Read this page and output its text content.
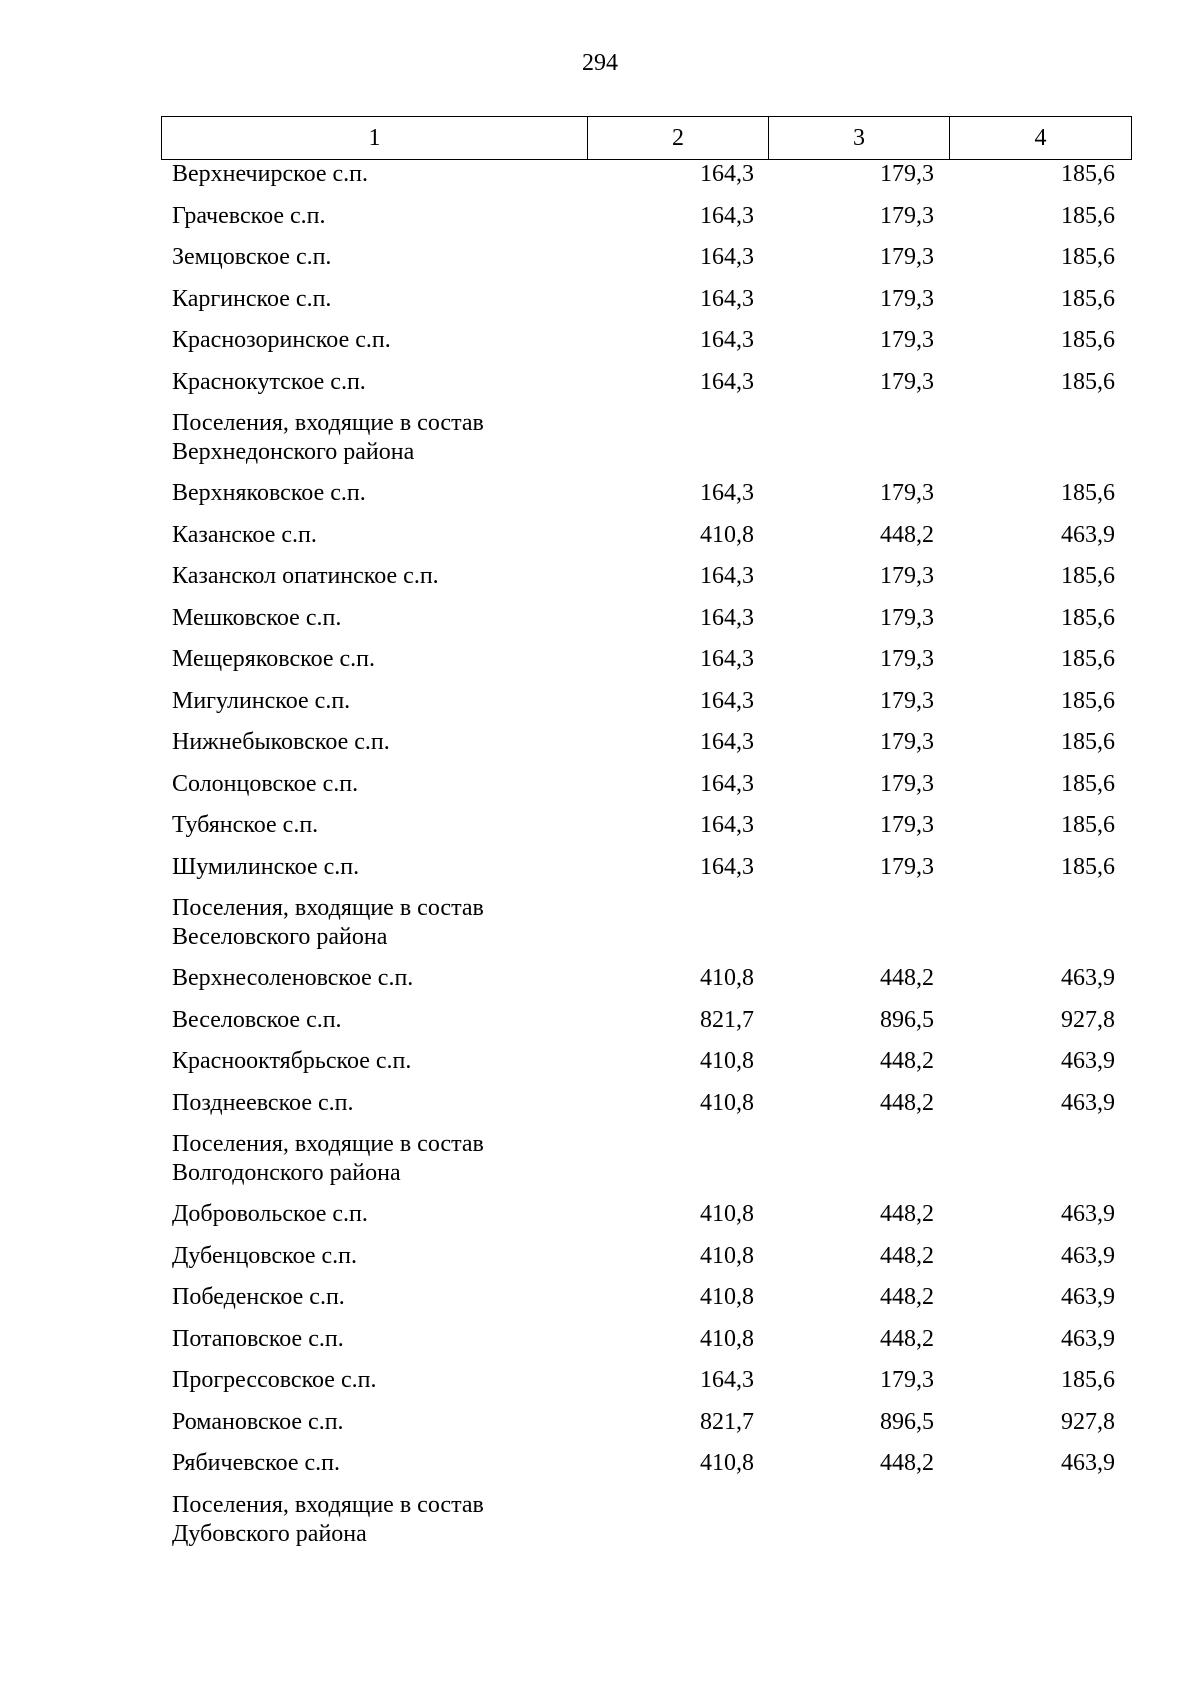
294
1	2	3	4
Верхнечирское с.п.	164,3	179,3	185,6
Грачевское с.п.	164,3	179,3	185,6
Земцовское с.п.	164,3	179,3	185,6
Каргинское с.п.	164,3	179,3	185,6
Краснозоринское с.п.	164,3	179,3	185,6
Краснокутское с.п.	164,3	179,3	185,6
Поселения, входящие в состав
Верхнедонского района
Верхняковское с.п.	164,3	179,3	185,6
Казанское с.п.	410,8	448,2	463,9
Казанскол опатинское с.п.	164,3	179,3	185,6
Мешковское с.п.	164,3	179,3	185,6
Мещеряковское с.п.	164,3	179,3	185,6
Мигулинское с.п.	164,3	179,3	185,6
Нижнебыковское с.п.	164,3	179,3	185,6
Солонцовское с.п.	164,3	179,3	185,6
Тубянское с.п.	164,3	179,3	185,6
Шумилинское с.п.	164,3	179,3	185,6
Поселения, входящие в состав
Веселовского района
Верхнесоленовское с.п.	410,8	448,2	463,9
Веселовское с.п.	821,7	896,5	927,8
Краснооктябрьское с.п.	410,8	448,2	463,9
Позднеевское с.п.	410,8	448,2	463,9
Поселения, входящие в состав
Волгодонского района
Добровольское с.п.	410,8	448,2	463,9
Дубенцовское с.п.	410,8	448,2	463,9
Победенское с.п.	410,8	448,2	463,9
Потаповское с.п.	410,8	448,2	463,9
Прогрессовское с.п.	164,3	179,3	185,6
Романовское с.п.	821,7	896,5	927,8
Рябичевское с.п.	410,8	448,2	463,9
Поселения, входящие в состав
Дубовского района
